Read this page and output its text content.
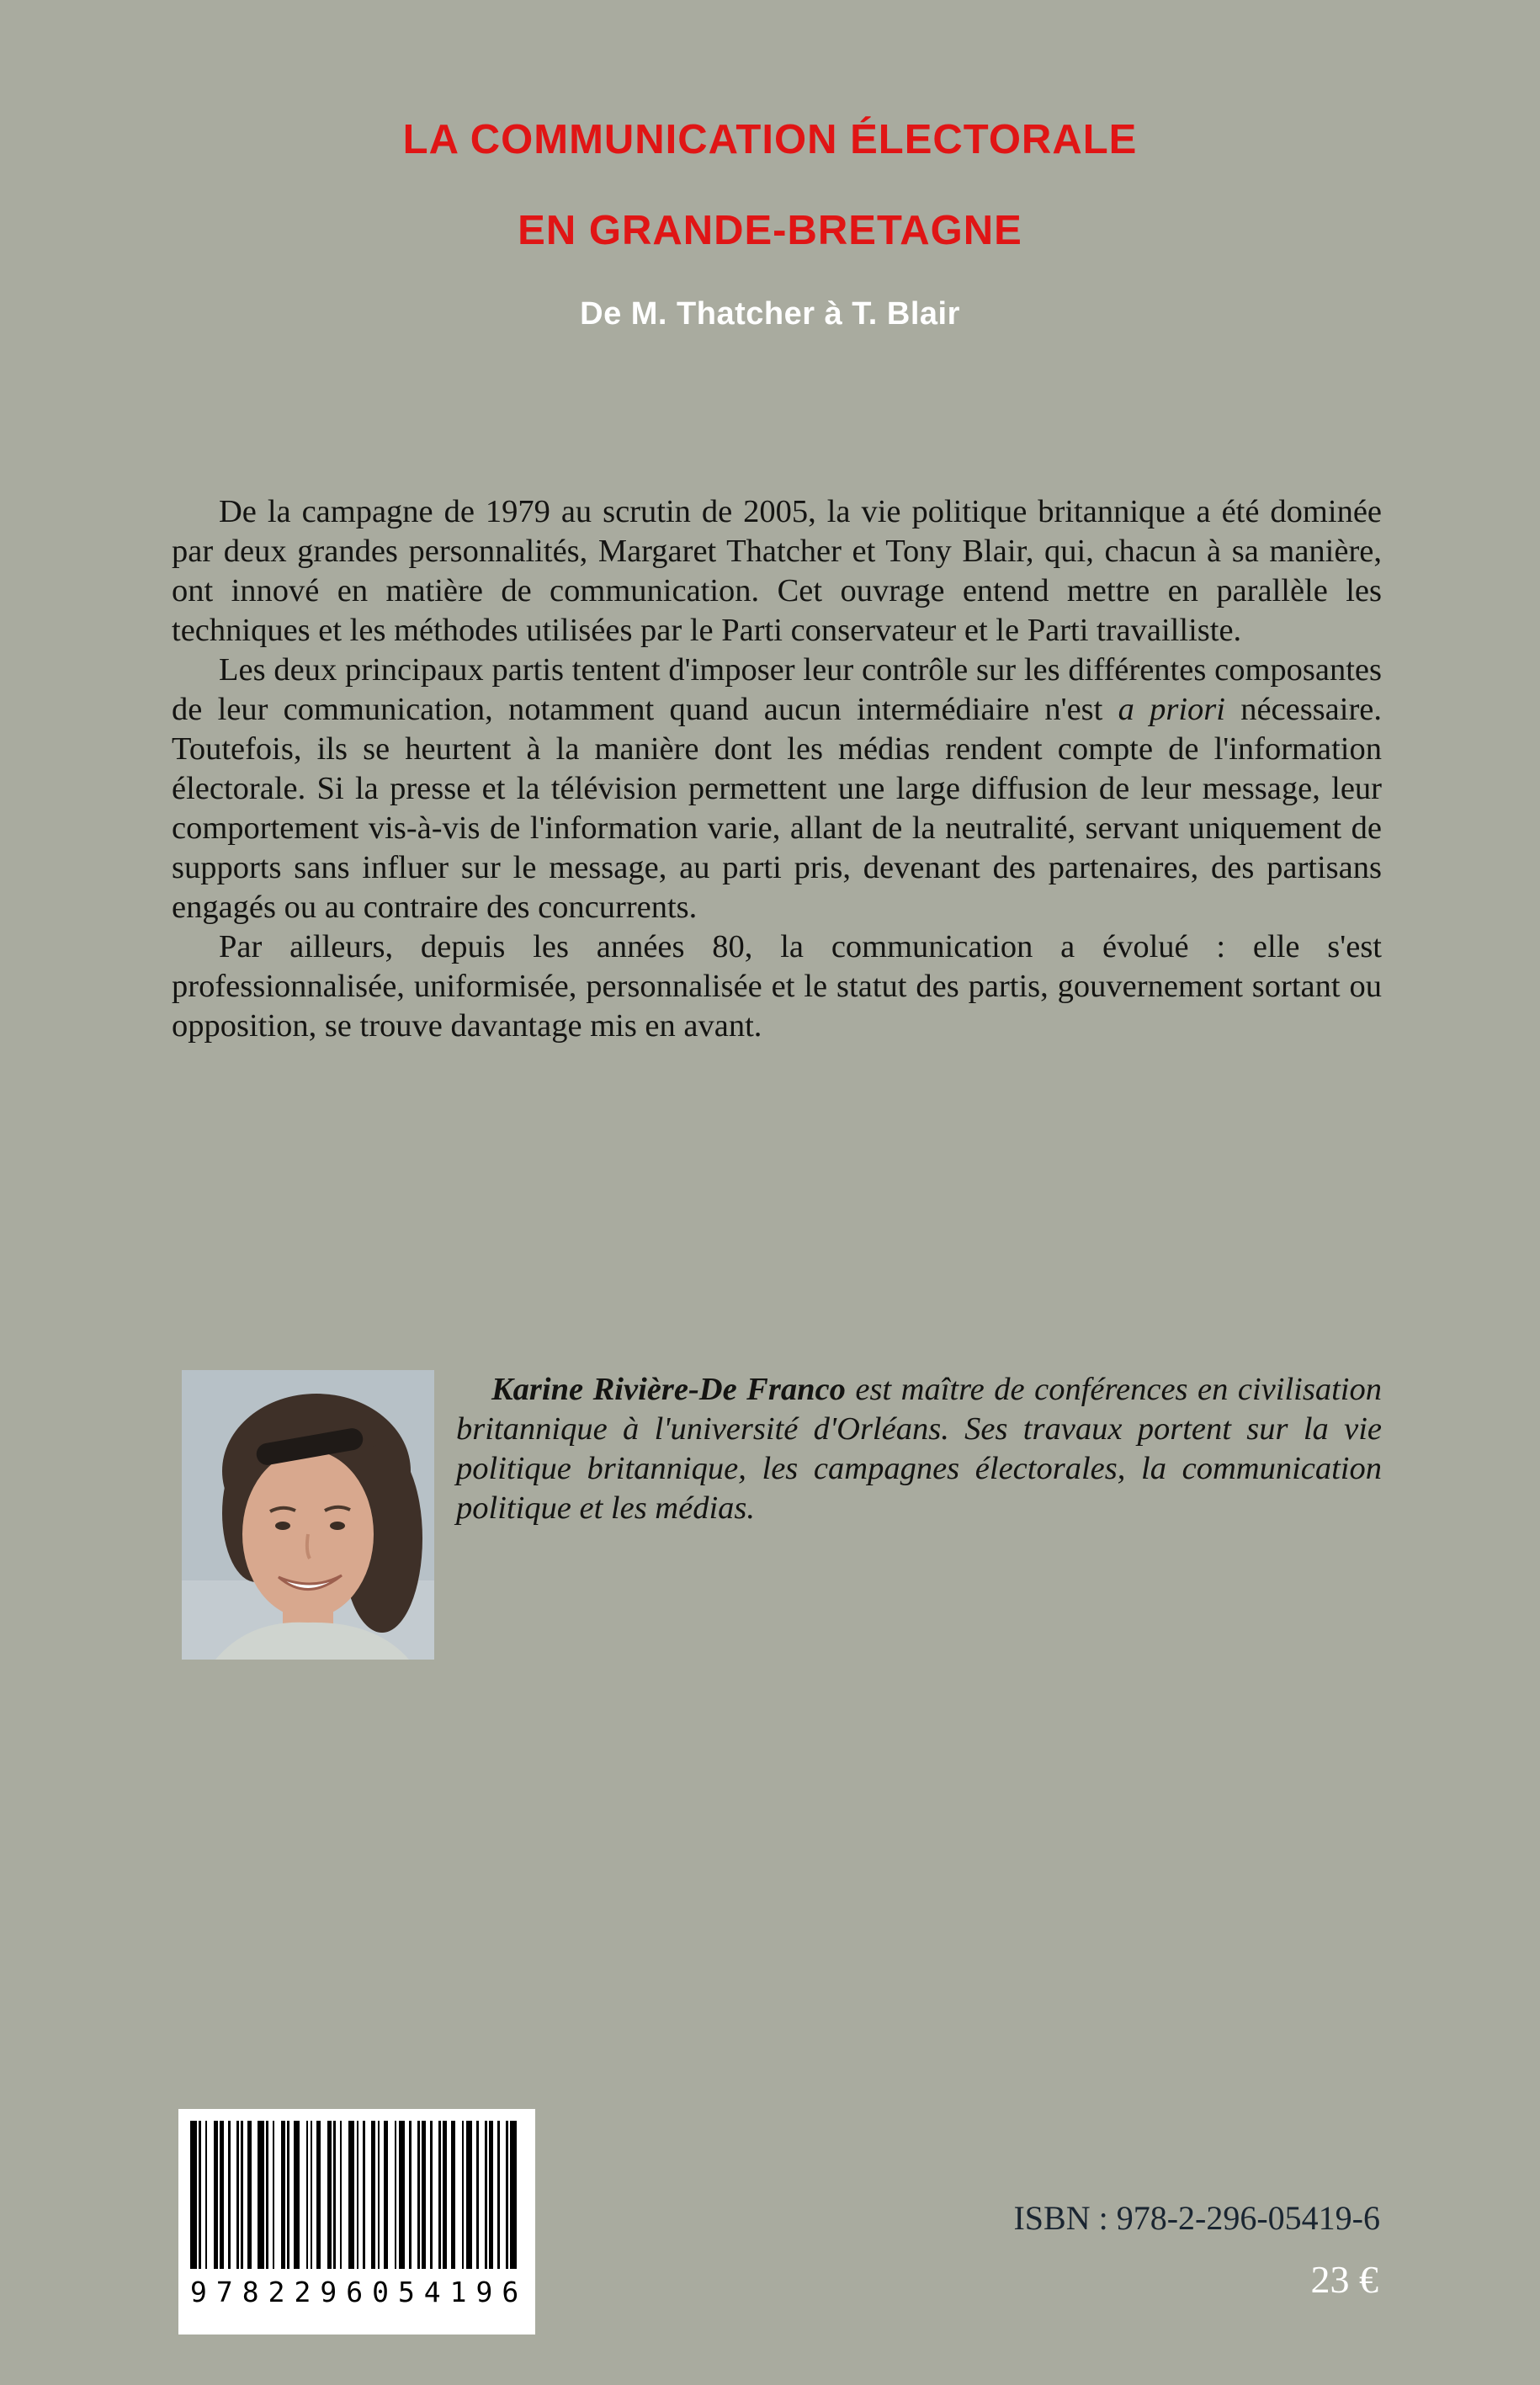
LA COMMUNICATION ÉLECTORALE
EN GRANDE-BRETAGNE
De M. Thatcher à T. Blair

De la campagne de 1979 au scrutin de 2005, la vie politique britannique a été dominée par deux grandes personnalités, Margaret Thatcher et Tony Blair, qui, chacun à sa manière, ont innové en matière de communication. Cet ouvrage entend mettre en parallèle les techniques et les méthodes utilisées par le Parti conservateur et le Parti travailliste.

Les deux principaux partis tentent d'imposer leur contrôle sur les différentes composantes de leur communication, notamment quand aucun intermédiaire n'est a priori nécessaire. Toutefois, ils se heurtent à la manière dont les médias rendent compte de l'information électorale. Si la presse et la télévision permettent une large diffusion de leur message, leur comportement vis-à-vis de l'information varie, allant de la neutralité, servant uniquement de supports sans influer sur le message, au parti pris, devenant des partenaires, des partisans engagés ou au contraire des concurrents.

Par ailleurs, depuis les années 80, la communication a évolué : elle s'est professionnalisée, uniformisée, personnalisée et le statut des partis, gouvernement sortant ou opposition, se trouve davantage mis en avant.

Karine Rivière-De Franco est maître de conférences en civilisation britannique à l'université d'Orléans. Ses travaux portent sur la vie politique britannique, les campagnes électorales, la communication politique et les médias.

9782296054196
ISBN : 978-2-296-05419-6
23 €
